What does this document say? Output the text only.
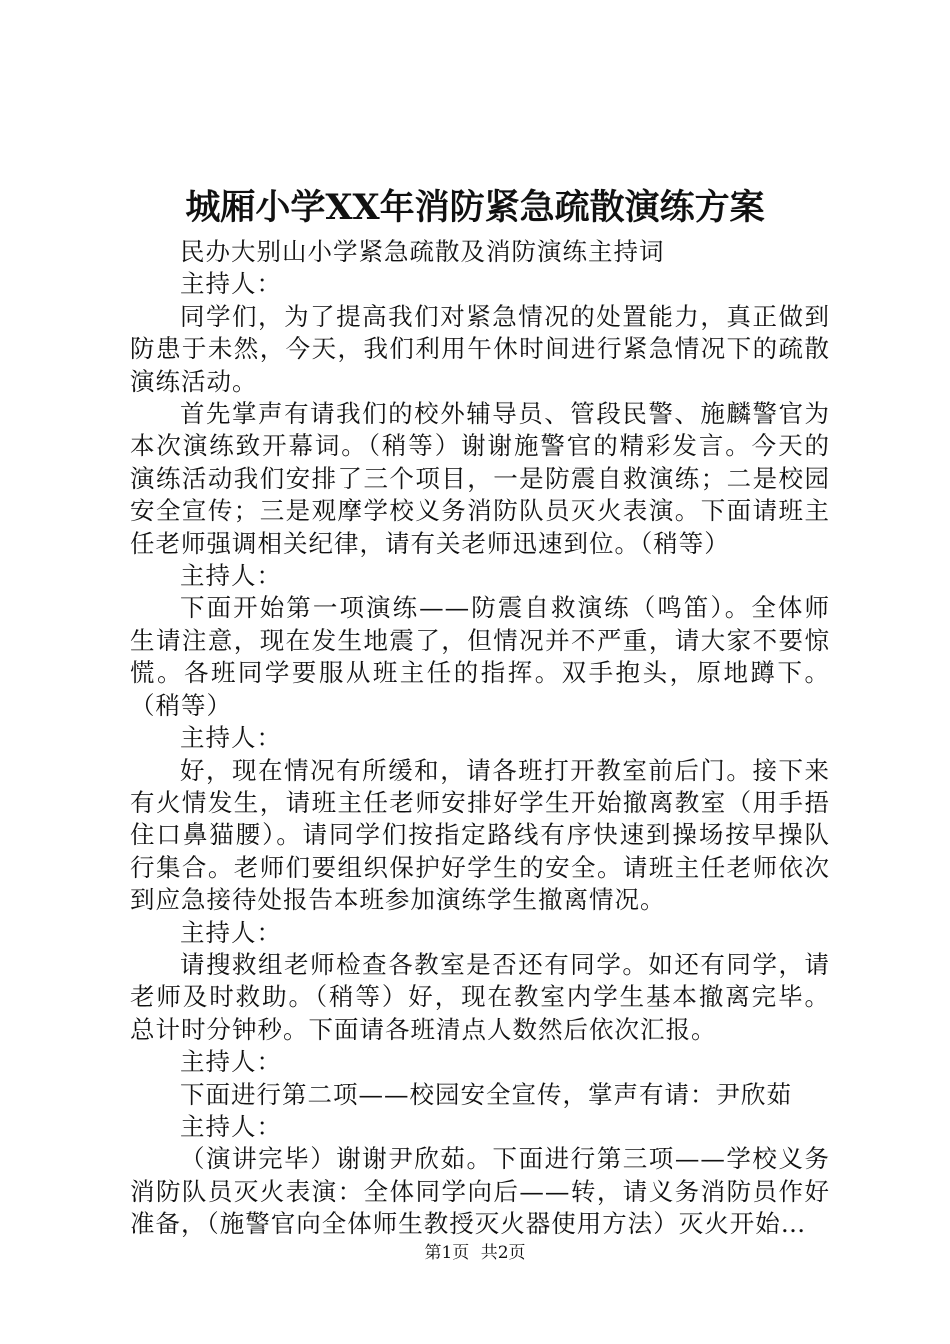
城厢小学XX年消防紧急疏散演练方案

民办大别山小学紧急疏散及消防演练主持词

主持人：

同学们，为了提高我们对紧急情况的处置能力，真正做到防患于未然，今天，我们利用午休时间进行紧急情况下的疏散演练活动。

首先掌声有请我们的校外辅导员、管段民警、施麟警官为本次演练致开幕词。（稍等）谢谢施警官的精彩发言。今天的演练活动我们安排了三个项目，一是防震自救演练；二是校园安全宣传；三是观摩学校义务消防队员灭火表演。下面请班主任老师强调相关纪律，请有关老师迅速到位。（稍等）

主持人：

下面开始第一项演练——防震自救演练（鸣笛）。全体师生请注意，现在发生地震了，但情况并不严重，请大家不要惊慌。各班同学要服从班主任的指挥。双手抱头，原地蹲下。（稍等）

主持人：

好，现在情况有所缓和，请各班打开教室前后门。接下来有火情发生，请班主任老师安排好学生开始撤离教室（用手捂住口鼻猫腰）。请同学们按指定路线有序快速到操场按早操队行集合。老师们要组织保护好学生的安全。请班主任老师依次到应急接待处报告本班参加演练学生撤离情况。

主持人：

请搜救组老师检查各教室是否还有同学。如还有同学，请老师及时救助。（稍等）好，现在教室内学生基本撤离完毕。总计时分钟秒。下面请各班清点人数然后依次汇报。

主持人：

下面进行第二项——校园安全宣传，掌声有请：尹欣茹

主持人：

（演讲完毕）谢谢尹欣茹。下面进行第三项——学校义务消防队员灭火表演：全体同学向后——转，请义务消防员作好准备，（施警官向全体师生教授灭火器使用方法）灭火开始…

第1页 共2页
